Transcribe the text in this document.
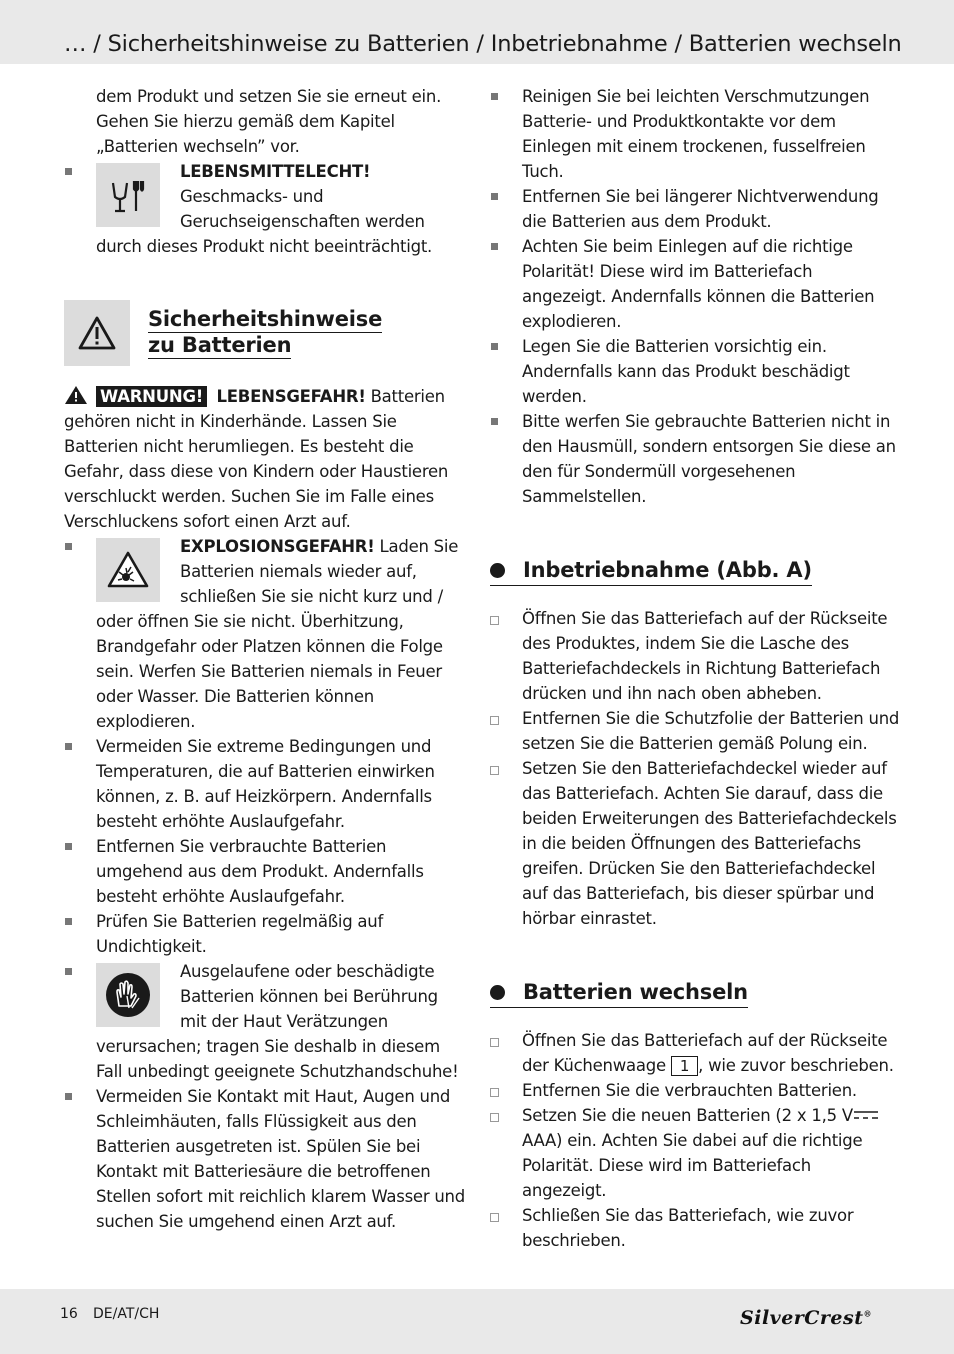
… / Sicherheitshinweise zu Batterien / Inbetriebnahme / Batterien wechseln
dem Produkt und setzen Sie sie erneut ein. Gehen Sie hierzu gemäß dem Kapitel „Batterien wechseln” vor.
LEBENSMITTELECHT! Geschmacks- und Geruchseigenschaften werden durch dieses Produkt nicht beeinträchtigt.
Sicherheitshinweise
zu Batterien
WARNUNG! LEBENSGEFAHR! Batterien gehören nicht in Kinderhände. Lassen Sie Batterien nicht herumliegen. Es besteht die Gefahr, dass diese von Kindern oder Haustieren verschluckt werden. Suchen Sie im Falle eines Verschluckens sofort einen Arzt auf.
EXPLOSIONSGEFAHR! Laden Sie Batterien niemals wieder auf, schließen Sie sie nicht kurz und / oder öffnen Sie sie nicht. Überhitzung, Brandgefahr oder Platzen können die Folge sein. Werfen Sie Batterien niemals in Feuer oder Wasser. Die Batterien können explodieren.
Vermeiden Sie extreme Bedingungen und Temperaturen, die auf Batterien einwirken können, z. B. auf Heizkörpern. Andernfalls besteht erhöhte Auslaufgefahr.
Entfernen Sie verbrauchte Batterien umgehend aus dem Produkt. Andernfalls besteht erhöhte Auslaufgefahr.
Prüfen Sie Batterien regelmäßig auf Undichtigkeit.
Ausgelaufene oder beschädigte Batterien können bei Berührung mit der Haut Verätzungen verursachen; tragen Sie deshalb in diesem Fall unbedingt geeignete Schutzhandschuhe!
Vermeiden Sie Kontakt mit Haut, Augen und Schleimhäuten, falls Flüssigkeit aus den Batterien ausgetreten ist. Spülen Sie bei Kontakt mit Batteriesäure die betroffenen Stellen sofort mit reichlich klarem Wasser und suchen Sie umgehend einen Arzt auf.
Reinigen Sie bei leichten Verschmutzungen Batterie- und Produktkontakte vor dem Einlegen mit einem trockenen, fusselfreien Tuch.
Entfernen Sie bei längerer Nichtverwendung die Batterien aus dem Produkt.
Achten Sie beim Einlegen auf die richtige Polarität! Diese wird im Batteriefach angezeigt. Andernfalls können die Batterien explodieren.
Legen Sie die Batterien vorsichtig ein. Andernfalls kann das Produkt beschädigt werden.
Bitte werfen Sie gebrauchte Batterien nicht in den Hausmüll, sondern entsorgen Sie diese an den für Sondermüll vorgesehenen Sammelstellen.
Inbetriebnahme (Abb. A)
Öffnen Sie das Batteriefach auf der Rückseite des Produktes, indem Sie die Lasche des Batteriefachdeckels in Richtung Batteriefach drücken und ihn nach oben abheben.
Entfernen Sie die Schutzfolie der Batterien und setzen Sie die Batterien gemäß Polung ein.
Setzen Sie den Batteriefachdeckel wieder auf das Batteriefach. Achten Sie darauf, dass die beiden Erweiterungen des Batteriefachdeckels in die beiden Öffnungen des Batteriefachs greifen. Drücken Sie den Batteriefachdeckel auf das Batteriefach, bis dieser spürbar und hörbar einrastet.
Batterien wechseln
Öffnen Sie das Batteriefach auf der Rückseite der Küchenwaage 1 , wie zuvor beschrieben.
Entfernen Sie die verbrauchten Batterien.
Setzen Sie die neuen Batterien (2 x 1,5 V AAA) ein. Achten Sie dabei auf die richtige Polarität. Diese wird im Batteriefach angezeigt.
Schließen Sie das Batteriefach, wie zuvor beschrieben.
16 DE/AT/CH	SilverCrest®
